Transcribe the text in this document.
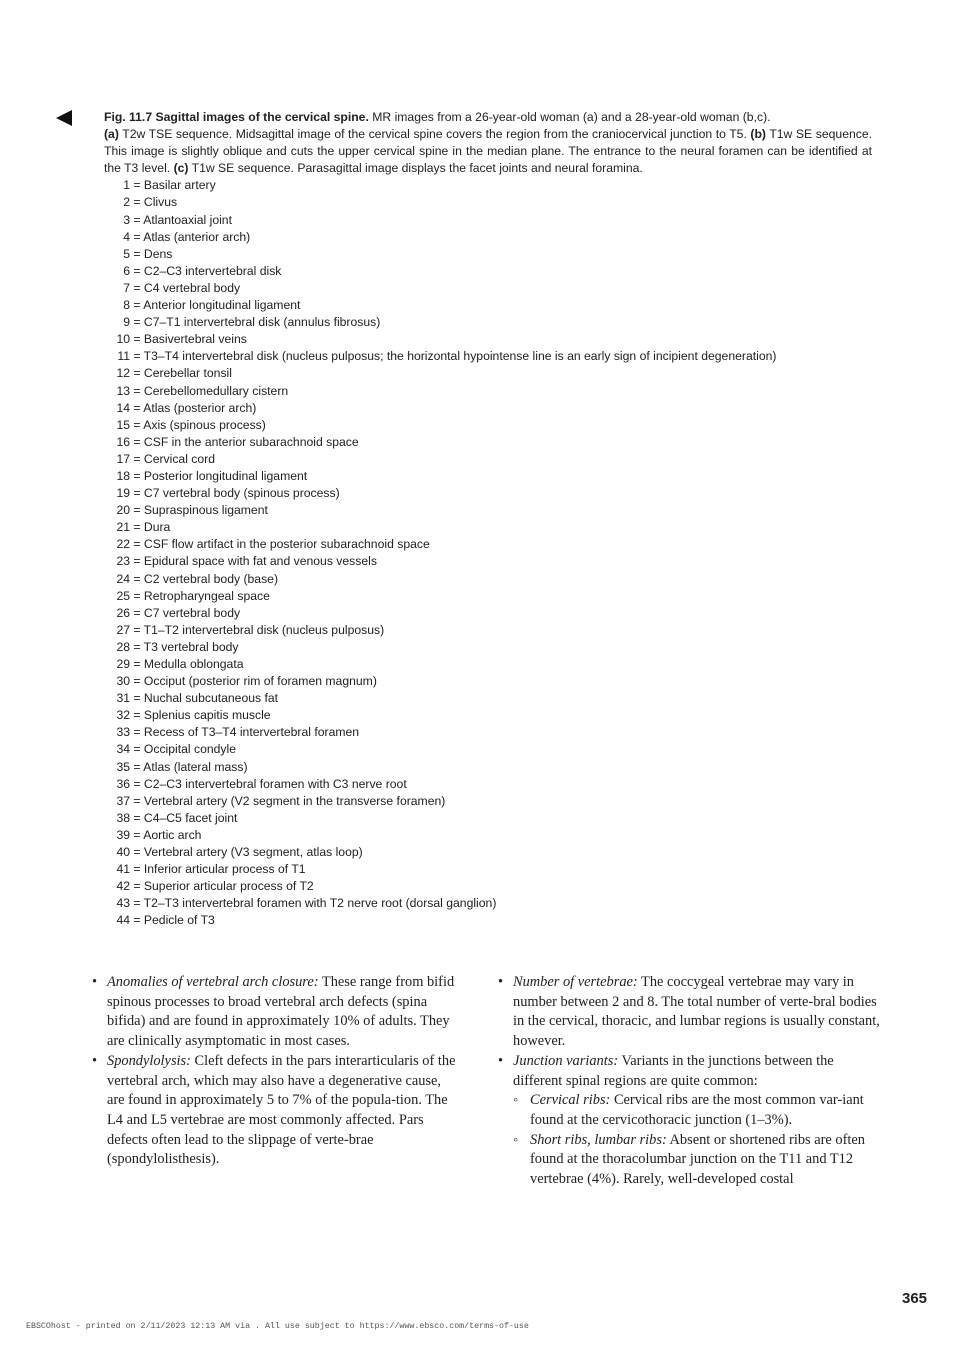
Fig. 11.7 Sagittal images of the cervical spine. MR images from a 26-year-old woman (a) and a 28-year-old woman (b,c).
(a) T2w TSE sequence. Midsagittal image of the cervical spine covers the region from the craniocervical junction to T5. (b) T1w SE sequence. This image is slightly oblique and cuts the upper cervical spine in the median plane. The entrance to the neural foramen can be identified at the T3 level. (c) T1w SE sequence. Parasagittal image displays the facet joints and neural foramina.

1 = Basilar artery
2 = Clivus
3 = Atlantoaxial joint
4 = Atlas (anterior arch)
5 = Dens
6 = C2–C3 intervertebral disk
7 = C4 vertebral body
8 = Anterior longitudinal ligament
9 = C7–T1 intervertebral disk (annulus fibrosus)
10 = Basivertebral veins
11 = T3–T4 intervertebral disk (nucleus pulposus; the horizontal hypointense line is an early sign of incipient degeneration)
12 = Cerebellar tonsil
13 = Cerebellomedullary cistern
14 = Atlas (posterior arch)
15 = Axis (spinous process)
16 = CSF in the anterior subarachnoid space
17 = Cervical cord
18 = Posterior longitudinal ligament
19 = C7 vertebral body (spinous process)
20 = Supraspinous ligament
21 = Dura
22 = CSF flow artifact in the posterior subarachnoid space
23 = Epidural space with fat and venous vessels
24 = C2 vertebral body (base)
25 = Retropharyngeal space
26 = C7 vertebral body
27 = T1–T2 intervertebral disk (nucleus pulposus)
28 = T3 vertebral body
29 = Medulla oblongata
30 = Occiput (posterior rim of foramen magnum)
31 = Nuchal subcutaneous fat
32 = Splenius capitis muscle
33 = Recess of T3–T4 intervertebral foramen
34 = Occipital condyle
35 = Atlas (lateral mass)
36 = C2–C3 intervertebral foramen with C3 nerve root
37 = Vertebral artery (V2 segment in the transverse foramen)
38 = C4–C5 facet joint
39 = Aortic arch
40 = Vertebral artery (V3 segment, atlas loop)
41 = Inferior articular process of T1
42 = Superior articular process of T2
43 = T2–T3 intervertebral foramen with T2 nerve root (dorsal ganglion)
44 = Pedicle of T3

• Anomalies of vertebral arch closure: These range from bifid spinous processes to broad vertebral arch defects (spina bifida) and are found in approximately 10% of adults. They are clinically asymptomatic in most cases.

• Spondylolysis: Cleft defects in the pars interarticularis of the vertebral arch, which may also have a degenerative cause, are found in approximately 5 to 7% of the popula-tion. The L4 and L5 vertebrae are most commonly affected. Pars defects often lead to the slippage of verte-brae (spondylolisthesis).

• Number of vertebrae: The coccygeal vertebrae may vary in number between 2 and 8. The total number of verte-bral bodies in the cervical, thoracic, and lumbar regions is usually constant, however.

• Junction variants: Variants in the junctions between the different spinal regions are quite common:

◦ Cervical ribs: Cervical ribs are the most common var-iant found at the cervicothoracic junction (1–3%).

◦ Short ribs, lumbar ribs: Absent or shortened ribs are often found at the thoracolumbar junction on the T11 and T12 vertebrae (4%). Rarely, well-developed costal

365
EBSCOhost - printed on 2/11/2023 12:13 AM via . All use subject to https://www.ebsco.com/terms-of-use
